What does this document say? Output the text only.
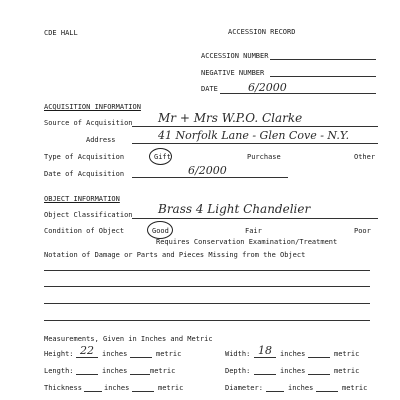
CDE HALL	ACCESSION RECORD
ACCESSION NUMBER
NEGATIVE NUMBER
DATE	6/2000
ACQUISITION INFORMATION
Source of Acquisition Mr + Mrs W.P.O. Clarke
Address	41 Norfolk Lane - Glen Cove - N.Y.
Type of Acquisition	Gift	Purchase	Other
Date of Acquisition	6/2000
OBJECT INFORMATION
Object Classification Brass 4 Light Chandelier
Condition of Object	Good	Fair	Poor
Requires Conservation Examination/Treatment
Notation of Damage or Parts and Pieces Missing from the Object
Measurements, Given in Inches and Metric
Height: 22 inches	metric	Width: 18 inches	metric
Length:	inches	metric	Depth:	inches	metric
Thickness	inches	metric	Diameter:	inches	metric
